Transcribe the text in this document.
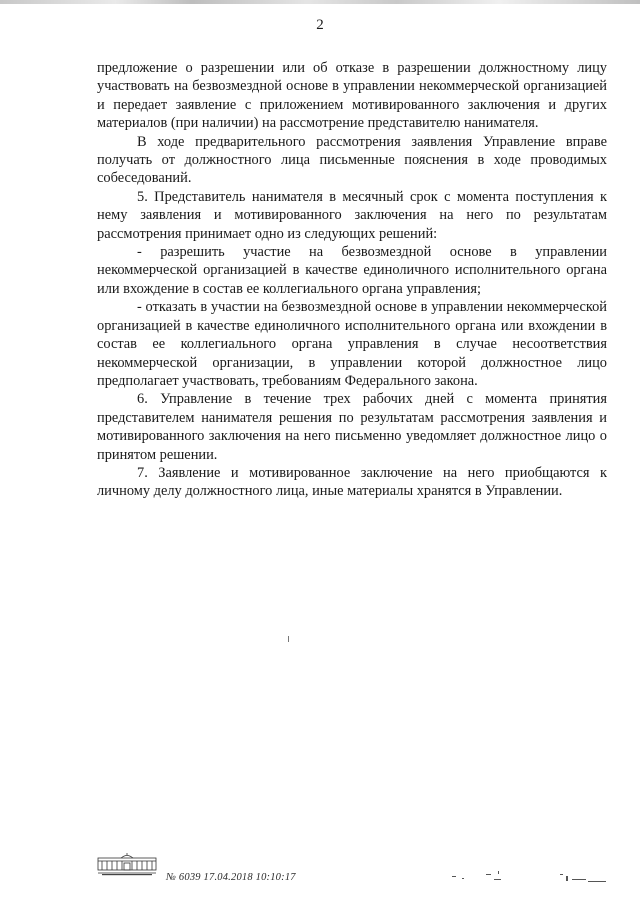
2

предложение о разрешении или об отказе в разрешении должностному лицу участвовать на безвозмездной основе в управлении некоммерческой организацией и передает заявление с приложением мотивированного заключения и других материалов (при наличии) на рассмотрение представителю нанимателя.

В ходе предварительного рассмотрения заявления Управление вправе получать от должностного лица письменные пояснения в ходе проводимых собеседований.

5. Представитель нанимателя в месячный срок с момента поступления к нему заявления и мотивированного заключения на него по результатам рассмотрения принимает одно из следующих решений:

- разрешить участие на безвозмездной основе в управлении некоммерческой организацией в качестве единоличного исполнительного органа или вхождение в состав ее коллегиального органа управления;

- отказать в участии на безвозмездной основе в управлении некоммерческой организацией в качестве единоличного исполнительного органа или вхождении в состав ее коллегиального органа управления в случае несоответствия некоммерческой организации, в управлении которой должностное лицо предполагает участвовать, требованиям Федерального закона.

6. Управление в течение трех рабочих дней с момента принятия представителем нанимателя решения по результатам рассмотрения заявления и мотивированного заключения на него письменно уведомляет должностное лицо о принятом решении.

7. Заявление и мотивированное заключение на него приобщаются к личному делу должностного лица, иные материалы хранятся в Управлении.

№ 6039 17.04.2018 10:10:17
